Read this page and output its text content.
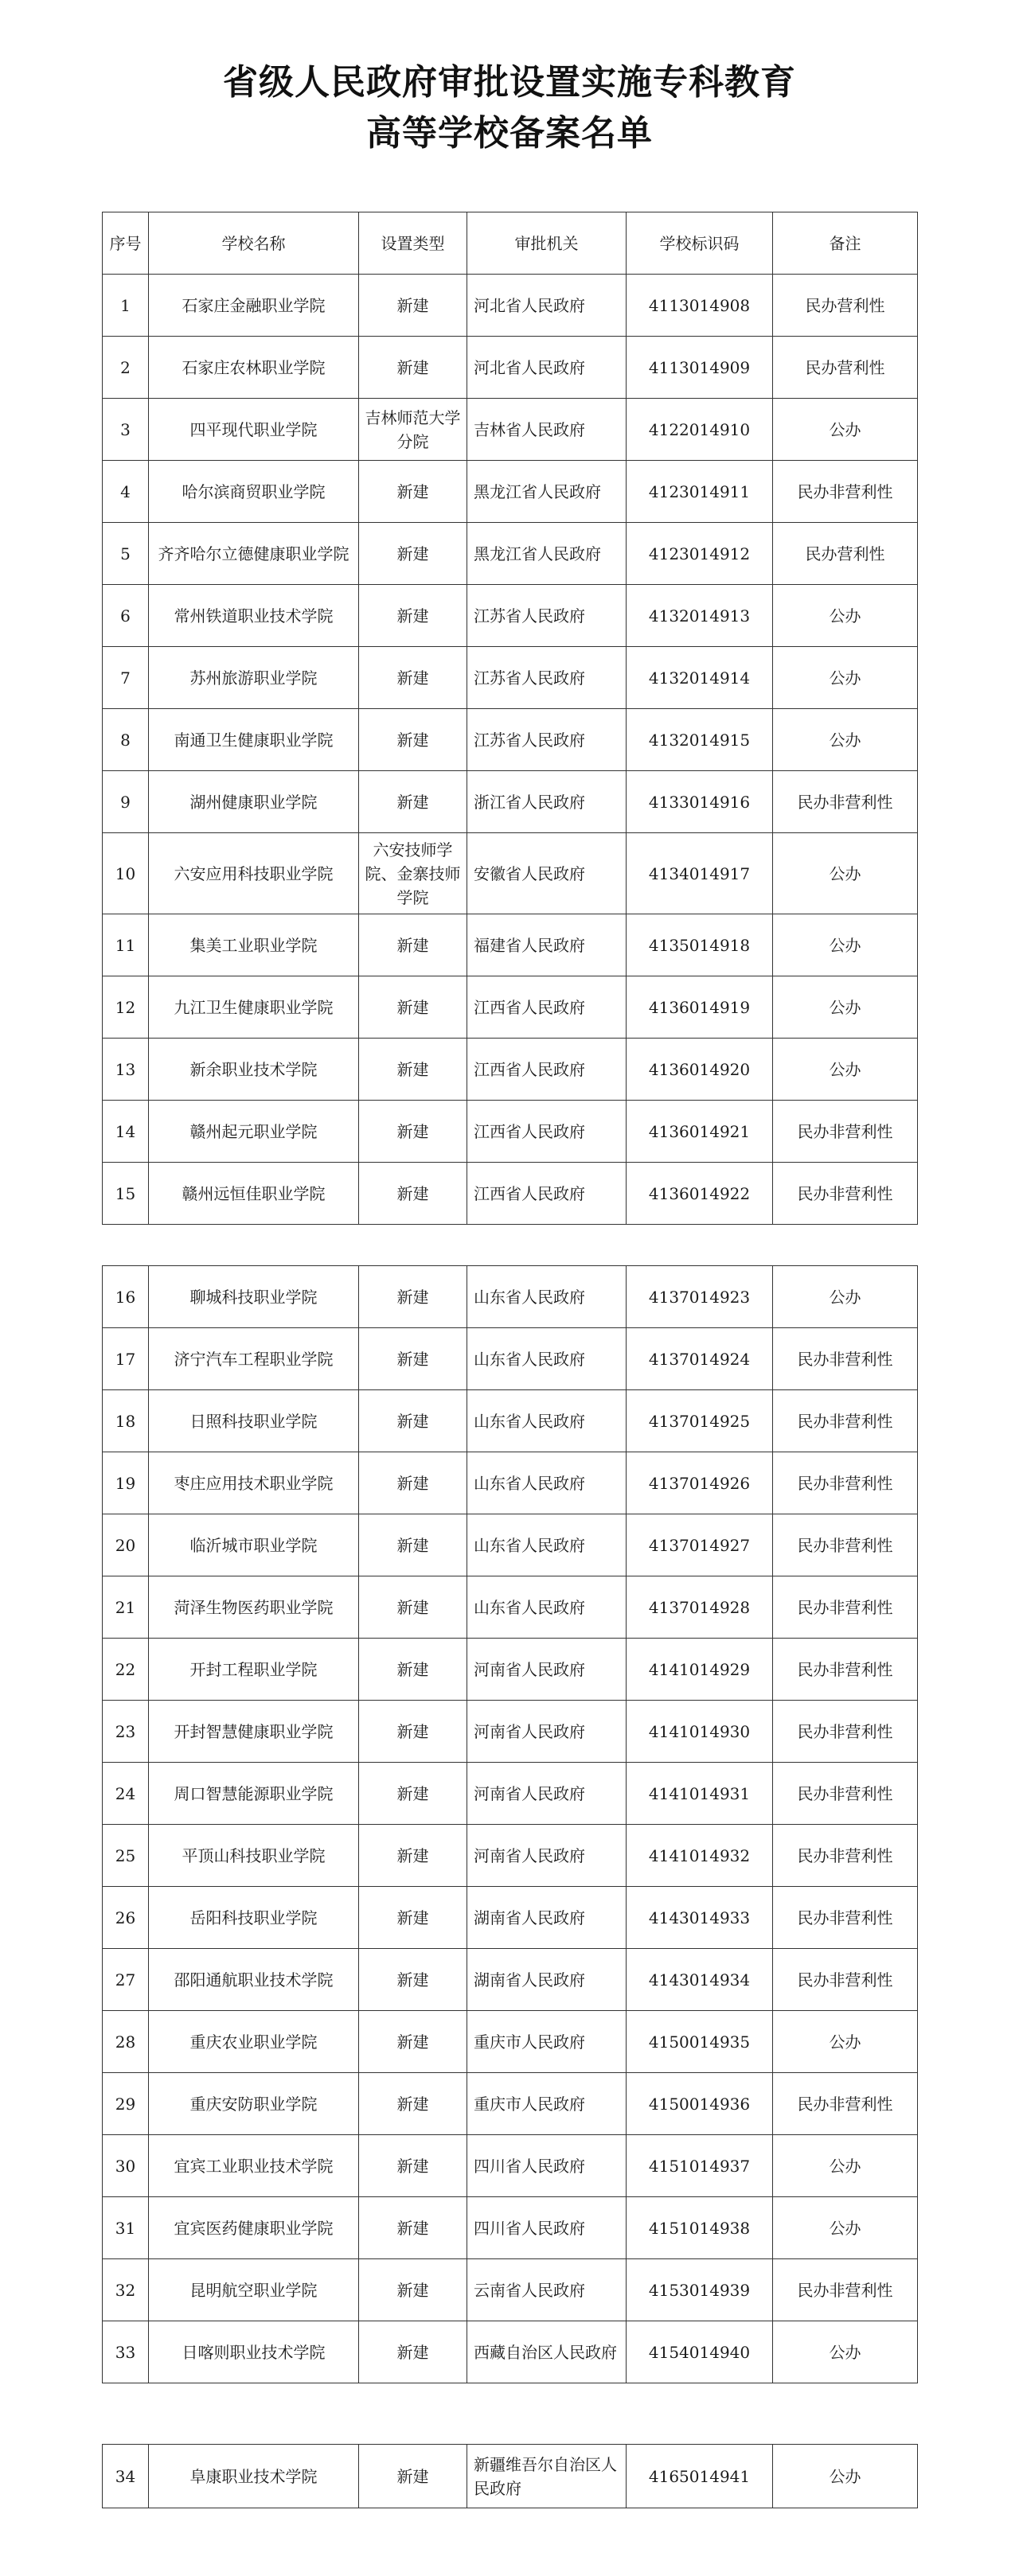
省级人民政府审批设置实施专科教育
高等学校备案名单
序号	学校名称	设置类型	审批机关	学校标识码	备注
1	石家庄金融职业学院	新建	河北省人民政府	4113014908	民办营利性
2	石家庄农林职业学院	新建	河北省人民政府	4113014909	民办营利性
3	四平现代职业学院	吉林师范大学分院	吉林省人民政府	4122014910	公办
4	哈尔滨商贸职业学院	新建	黑龙江省人民政府	4123014911	民办非营利性
5	齐齐哈尔立德健康职业学院	新建	黑龙江省人民政府	4123014912	民办营利性
6	常州铁道职业技术学院	新建	江苏省人民政府	4132014913	公办
7	苏州旅游职业学院	新建	江苏省人民政府	4132014914	公办
8	南通卫生健康职业学院	新建	江苏省人民政府	4132014915	公办
9	湖州健康职业学院	新建	浙江省人民政府	4133014916	民办非营利性
10	六安应用科技职业学院	六安技师学院、金寨技师学院	安徽省人民政府	4134014917	公办
11	集美工业职业学院	新建	福建省人民政府	4135014918	公办
12	九江卫生健康职业学院	新建	江西省人民政府	4136014919	公办
13	新余职业技术学院	新建	江西省人民政府	4136014920	公办
14	赣州起元职业学院	新建	江西省人民政府	4136014921	民办非营利性
15	赣州远恒佳职业学院	新建	江西省人民政府	4136014922	民办非营利性
16	聊城科技职业学院	新建	山东省人民政府	4137014923	公办
17	济宁汽车工程职业学院	新建	山东省人民政府	4137014924	民办非营利性
18	日照科技职业学院	新建	山东省人民政府	4137014925	民办非营利性
19	枣庄应用技术职业学院	新建	山东省人民政府	4137014926	民办非营利性
20	临沂城市职业学院	新建	山东省人民政府	4137014927	民办非营利性
21	菏泽生物医药职业学院	新建	山东省人民政府	4137014928	民办非营利性
22	开封工程职业学院	新建	河南省人民政府	4141014929	民办非营利性
23	开封智慧健康职业学院	新建	河南省人民政府	4141014930	民办非营利性
24	周口智慧能源职业学院	新建	河南省人民政府	4141014931	民办非营利性
25	平顶山科技职业学院	新建	河南省人民政府	4141014932	民办非营利性
26	岳阳科技职业学院	新建	湖南省人民政府	4143014933	民办非营利性
27	邵阳通航职业技术学院	新建	湖南省人民政府	4143014934	民办非营利性
28	重庆农业职业学院	新建	重庆市人民政府	4150014935	公办
29	重庆安防职业学院	新建	重庆市人民政府	4150014936	民办非营利性
30	宜宾工业职业技术学院	新建	四川省人民政府	4151014937	公办
31	宜宾医药健康职业学院	新建	四川省人民政府	4151014938	公办
32	昆明航空职业学院	新建	云南省人民政府	4153014939	民办非营利性
33	日喀则职业技术学院	新建	西藏自治区人民政府	4154014940	公办
34	阜康职业技术学院	新建	新疆维吾尔自治区人民政府	4165014941	公办
